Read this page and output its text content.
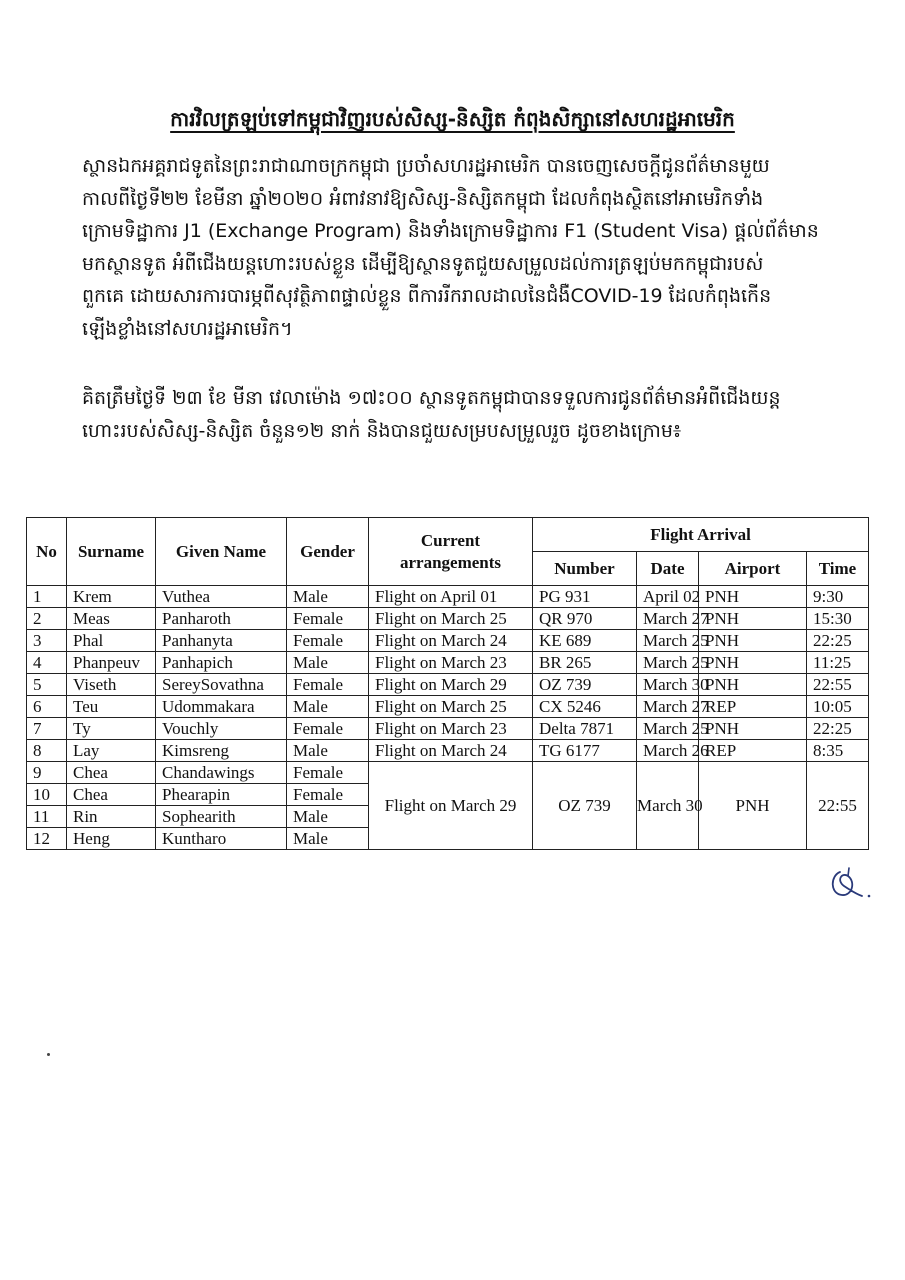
ការវិលត្រឡប់ទៅកម្ពុជាវិញរបស់សិស្ស-និស្សិត កំពុងសិក្សានៅសហរដ្ឋអាមេរិក
ស្ថានឯកអគ្គរាជទូតនៃព្រះរាជាណាចក្រកម្ពុជា ប្រចាំសហរដ្ឋអាមេរិក បានចេញសេចក្តីជូនព័ត៌មានមួយ
កាលពីថ្ងៃទី២២ ខែមីនា ឆ្នាំ២០២០ អំពាវនាវឱ្យសិស្ស-និស្សិតកម្ពុជា ដែលកំពុងស្ថិតនៅអាមេរិកទាំង
ក្រោមទិដ្ឋាការ J1 (Exchange Program) និងទាំងក្រោមទិដ្ឋាការ F1 (Student Visa) ផ្តល់ព័ត៌មាន
មកស្ថានទូត អំពីជើងយន្តហោះរបស់ខ្លួន ដើម្បីឱ្យស្ថានទូតជួយសម្រួលដល់ការត្រឡប់មកកម្ពុជារបស់
ពួកគេ ដោយសារការបារម្ភពីសុវត្ថិភាពផ្ទាល់ខ្លួន ពីការរីករាលដាលនៃជំងឺCOVID-19 ដែលកំពុងកើន
ឡើងខ្លាំងនៅសហរដ្ឋអាមេរិក។
គិតត្រឹមថ្ងៃទី ២៣ ខែ មីនា វេលាម៉ោង ១៧ះ០០ ស្ថានទូតកម្ពុជាបានទទួលការជូនព័ត៌មានអំពីជើងយន្ត
ហោះរបស់សិស្ស-និស្សិត ចំនួន១២ នាក់ និងបានជួយសម្របសម្រួលរួច ដូចខាងក្រោម៖
No	Surname	Given Name	Gender	Current arrangements	Flight Arrival			
					Number	Date	Airport	Time
1	Krem	Vuthea	Male	Flight on April 01	PG 931	April 02	PNH	9:30
2	Meas	Panharoth	Female	Flight on March 25	QR 970	March 27	PNH	15:30
3	Phal	Panhanyta	Female	Flight on March 24	KE 689	March 25	PNH	22:25
4	Phanpeuv	Panhapich	Male	Flight on March 23	BR 265	March 25	PNH	11:25
5	Viseth	SereySovathna	Female	Flight on March 29	OZ 739	March 30	PNH	22:55
6	Teu	Udommakara	Male	Flight on March 25	CX 5246	March 27	REP	10:05
7	Ty	Vouchly	Female	Flight on March 23	Delta 7871	March 25	PNH	22:25
8	Lay	Kimsreng	Male	Flight on March 24	TG 6177	March 26	REP	8:35
9	Chea	Chandawings	Female	Flight on March 29	OZ 739	March 30	PNH	22:55
10	Chea	Phearapin	Female					
11	Rin	Sophearith	Male					
12	Heng	Kuntharo	Male					
